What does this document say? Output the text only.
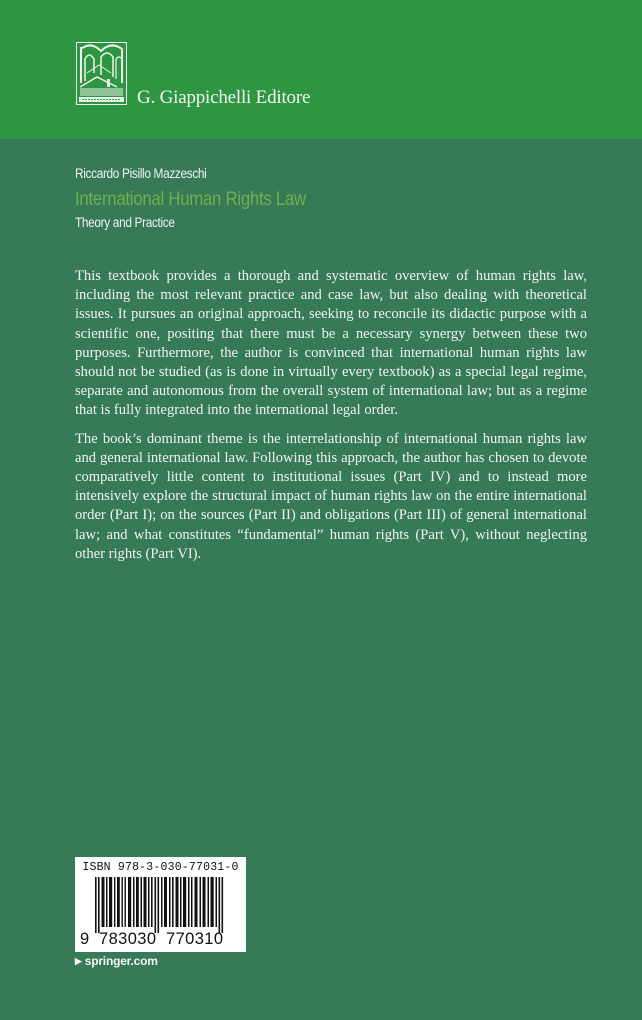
G. Giappichelli Editore
Riccardo Pisillo Mazzeschi
International Human Rights Law
Theory and Practice

This textbook provides a thorough and systematic overview of human rights law, including the most relevant practice and case law, but also dealing with theoretical issues. It pursues an original approach, seeking to reconcile its didactic purpose with a scientific one, positing that there must be a necessary synergy between these two purposes. Furthermore, the author is convinced that international human rights law should not be studied (as is done in virtually every textbook) as a special legal regime, separate and autonomous from the overall system of international law; but as a regime that is fully integrated into the international legal order.

The book’s dominant theme is the interrelationship of international human rights law and general international law. Following this approach, the author has chosen to devote comparatively little content to institutional issues (Part IV) and to instead more intensively explore the structural impact of human rights law on the entire international order (Part I); on the sources (Part II) and obligations (Part III) of general international law; and what constitutes “fundamental” human rights (Part V), without neglecting other rights (Part VI).

ISBN 978-3-030-77031-0
9 783030 770310
▶ springer.com
